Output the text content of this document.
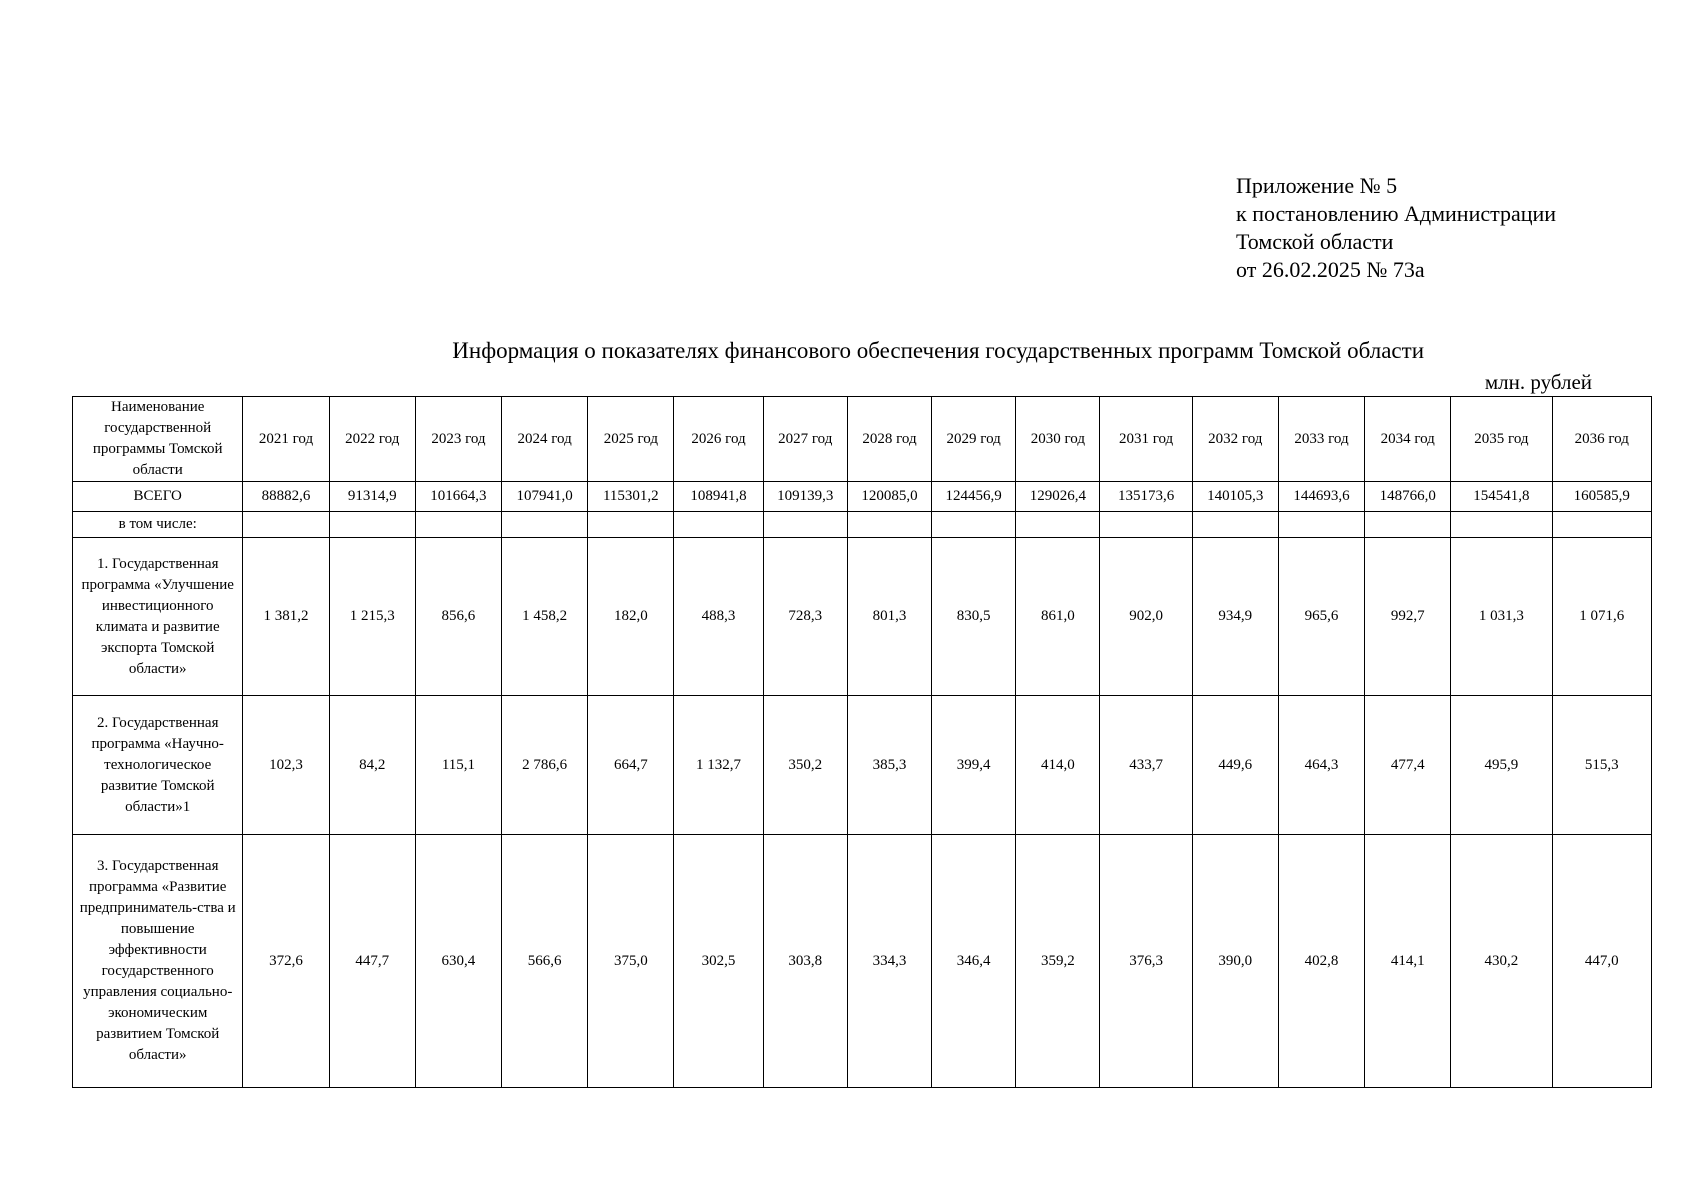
Приложение № 5
к постановлению Администрации
Томской области
от 26.02.2025 № 73а
Информация о показателях финансового обеспечения государственных программ Томской области
млн. рублей
Наименование государственной программы Томской области	2021 год	2022 год	2023 год	2024 год	2025 год	2026 год	2027 год	2028 год	2029 год	2030 год	2031 год	2032 год	2033 год	2034 год	2035 год	2036 год
ВСЕГО	88882,6	91314,9	101664,3	107941,0	115301,2	108941,8	109139,3	120085,0	124456,9	129026,4	135173,6	140105,3	144693,6	148766,0	154541,8	160585,9
в том числе:																
1. Государственная программа «Улучшение инвестиционного климата и развитие экспорта Томской области»	1 381,2	1 215,3	856,6	1 458,2	182,0	488,3	728,3	801,3	830,5	861,0	902,0	934,9	965,6	992,7	1 031,3	1 071,6
2. Государственная программа «Научно-технологическое развитие Томской области»1	102,3	84,2	115,1	2 786,6	664,7	1 132,7	350,2	385,3	399,4	414,0	433,7	449,6	464,3	477,4	495,9	515,3
3. Государственная программа «Развитие предприниматель-ства и повышение эффективности государственного управления социально-экономическим развитием Томской области»	372,6	447,7	630,4	566,6	375,0	302,5	303,8	334,3	346,4	359,2	376,3	390,0	402,8	414,1	430,2	447,0
